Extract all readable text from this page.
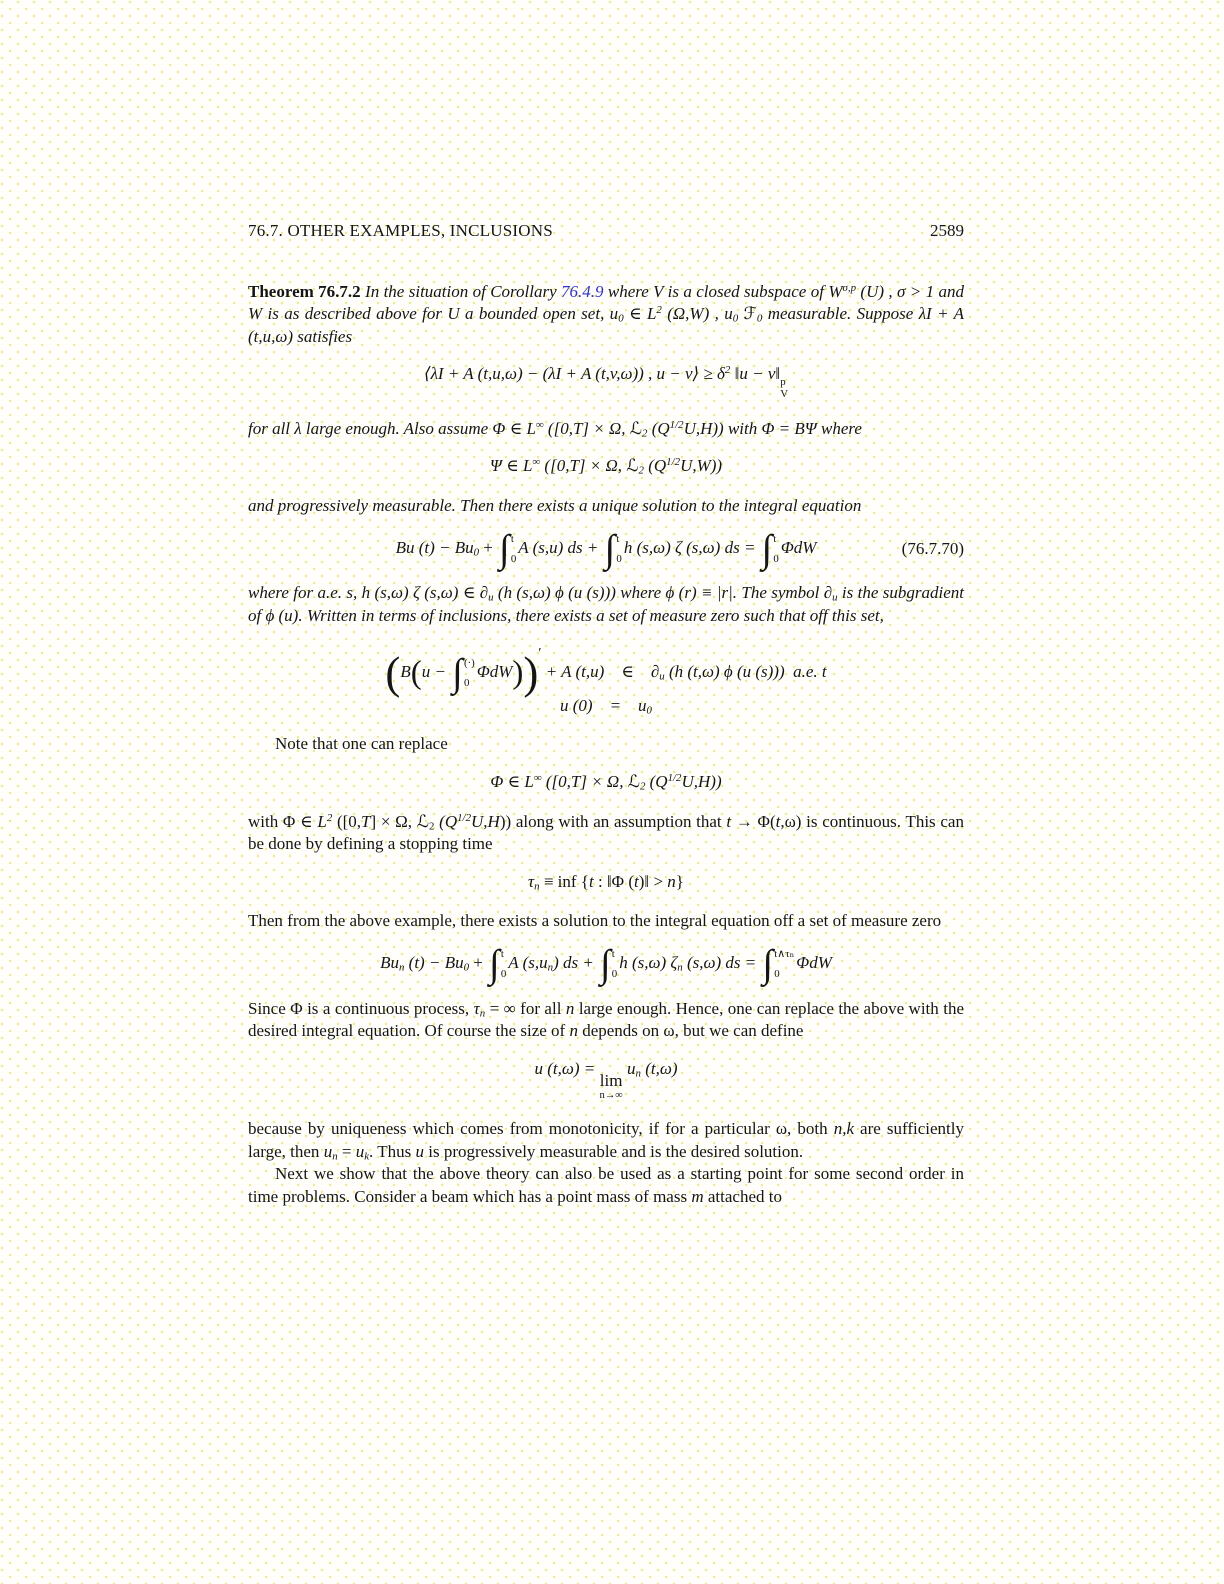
76.7. OTHER EXAMPLES, INCLUSIONS	2589
Theorem 76.7.2 In the situation of Corollary 76.4.9 where V is a closed subspace of $W^{\sigma,p}$ (U) , σ > 1 and W is as described above for U a bounded open set, $u_0$ ∈ $L^2$ (Ω,W) , $u_0$ ℱ$_0$ measurable. Suppose λI + A (t,u,ω) satisfies
⟨λI + A (t,u,ω) − (λI + A (t,v,ω)) , u − v⟩ ≥ $\delta^2$ ‖u − v‖ p
V
for all λ large enough. Also assume Φ ∈ L∞ ([0,T] × Ω, ℒ$_2$ $(Q^{1/2}U,H)$) with Φ = BΨ where
Ψ ∈ L∞ ([0,T] × Ω, ℒ$_2$ $(Q^{1/2}U,W)$)
and progressively measurable. Then there exists a unique solution to the integral equation
Bu $(t) - Bu_0$ + ∫ t
0
A (s,u) ds + ∫ t
0
h (s,ω) ζ (s,ω) ds = ∫ t
0
ΦdW	(76.7.70)
where for a.e. s, h (s,ω) ζ (s,ω) ∈ $\partial_u$ (h (s,ω) ϕ (u (s))) where ϕ (r) ≡ |r|. The symbol $\partial_u$ is the subgradient of ϕ (u). Written in terms of inclusions, there exists a set of measure zero such that off this set,
(B(u − ∫ (·)
0
ΦdW))′ + A (t,u) ∈ $\partial_u$ (h (t,ω) ϕ (u (s))) a.e. t
u (0) = $u_0$
Note that one can replace
Φ ∈ L∞ ([0,T] × Ω, ℒ$_2$ $(Q^{1/2}U,H)$)
with Φ ∈ $L^2$ ([0,T] × Ω, ℒ$_2$ $(Q^{1/2}U,H)$) along with an assumption that t → Φ(t,ω) is continuous. This can be done by defining a stopping time
$\tau_n$ ≡ inf {t : ‖Φ (t)‖ > n}
Then from the above example, there exists a solution to the integral equation off a set of measure zero
$Bu_n$ $(t) - Bu_0$ + ∫ t
0
A $(s,u_n)$ ds + ∫ t
0
h (s,ω) $\zeta_n$ (s,ω) ds = ∫ t∧τₙ
0
ΦdW
Since Φ is a continuous process, $\tau_n$ = ∞ for all n large enough. Hence, one can replace the above with the desired integral equation. Of course the size of n depends on ω, but we can define
u (t,ω) =
lim
n→∞
$u_n$ (t,ω)
because by uniqueness which comes from monotonicity, if for a particular ω, both n,k are sufficiently large, then $u_n = u_k$. Thus u is progressively measurable and is the desired solution.
Next we show that the above theory can also be used as a starting point for some second order in time problems. Consider a beam which has a point mass of mass m attached to
